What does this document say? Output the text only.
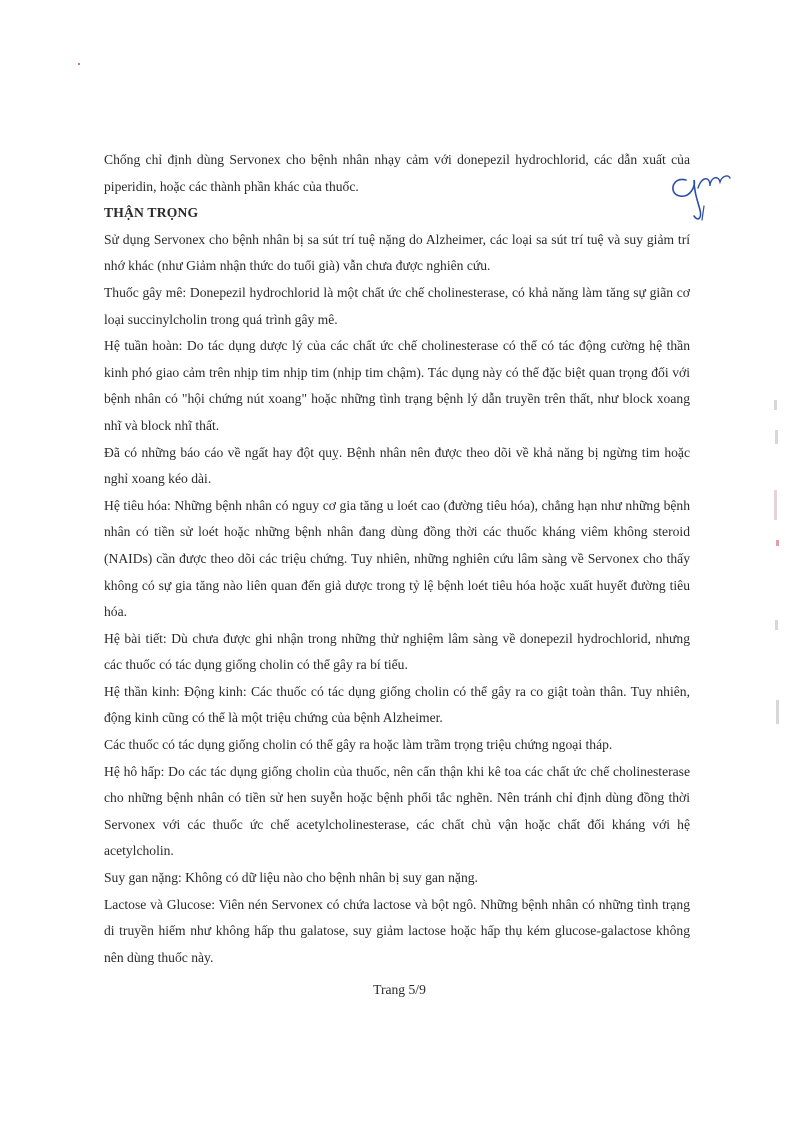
Chống chỉ định dùng Servonex cho bệnh nhân nhạy cảm với donepezil hydrochlorid, các dẫn xuất của piperidin, hoặc các thành phần khác của thuốc.

THẬN TRỌNG

Sử dụng Servonex cho bệnh nhân bị sa sút trí tuệ nặng do Alzheimer, các loại sa sút trí tuệ và suy giảm trí nhớ khác (như Giảm nhận thức do tuổi già) vẫn chưa được nghiên cứu.

Thuốc gây mê: Donepezil hydrochlorid là một chất ức chế cholinesterase, có khả năng làm tăng sự giãn cơ loại succinylcholin trong quá trình gây mê.

Hệ tuần hoàn: Do tác dụng dược lý của các chất ức chế cholinesterase có thể có tác động cường hệ thần kinh phó giao cảm trên nhịp tim nhịp tim (nhịp tim chậm). Tác dụng này có thể đặc biệt quan trọng đối với bệnh nhân có "hội chứng nút xoang" hoặc những tình trạng bệnh lý dẫn truyền trên thất, như block xoang nhĩ và block nhĩ thất.

Đã có những báo cáo về ngất hay đột quỵ. Bệnh nhân nên được theo dõi về khả năng bị ngừng tim hoặc nghỉ xoang kéo dài.

Hệ tiêu hóa: Những bệnh nhân có nguy cơ gia tăng u loét cao (đường tiêu hóa), chẳng hạn như những bệnh nhân có tiền sử loét hoặc những bệnh nhân đang dùng đồng thời các thuốc kháng viêm không steroid (NAIDs) cần được theo dõi các triệu chứng. Tuy nhiên, những nghiên cứu lâm sàng về Servonex cho thấy không có sự gia tăng nào liên quan đến giả dược trong tỷ lệ bệnh loét tiêu hóa hoặc xuất huyết đường tiêu hóa.

Hệ bài tiết: Dù chưa được ghi nhận trong những thử nghiệm lâm sàng về donepezil hydrochlorid, nhưng các thuốc có tác dụng giống cholin có thể gây ra bí tiểu.

Hệ thần kinh: Động kinh: Các thuốc có tác dụng giống cholin có thể gây ra co giật toàn thân. Tuy nhiên, động kinh cũng có thể là một triệu chứng của bệnh Alzheimer.

Các thuốc có tác dụng giống cholin có thể gây ra hoặc làm trầm trọng triệu chứng ngoại tháp.

Hệ hô hấp: Do các tác dụng giống cholin của thuốc, nên cẩn thận khi kê toa các chất ức chế cholinesterase cho những bệnh nhân có tiền sử hen suyễn hoặc bệnh phổi tắc nghẽn. Nên tránh chỉ định dùng đồng thời Servonex với các thuốc ức chế acetylcholinesterase, các chất chủ vận hoặc chất đối kháng với hệ acetylcholin.

Suy gan nặng: Không có dữ liệu nào cho bệnh nhân bị suy gan nặng.

Lactose và Glucose: Viên nén Servonex có chứa lactose và bột ngô. Những bệnh nhân có những tình trạng di truyền hiếm như không hấp thu galatose, suy giảm lactose hoặc hấp thụ kém glucose-galactose không nên dùng thuốc này.

Trang 5/9
